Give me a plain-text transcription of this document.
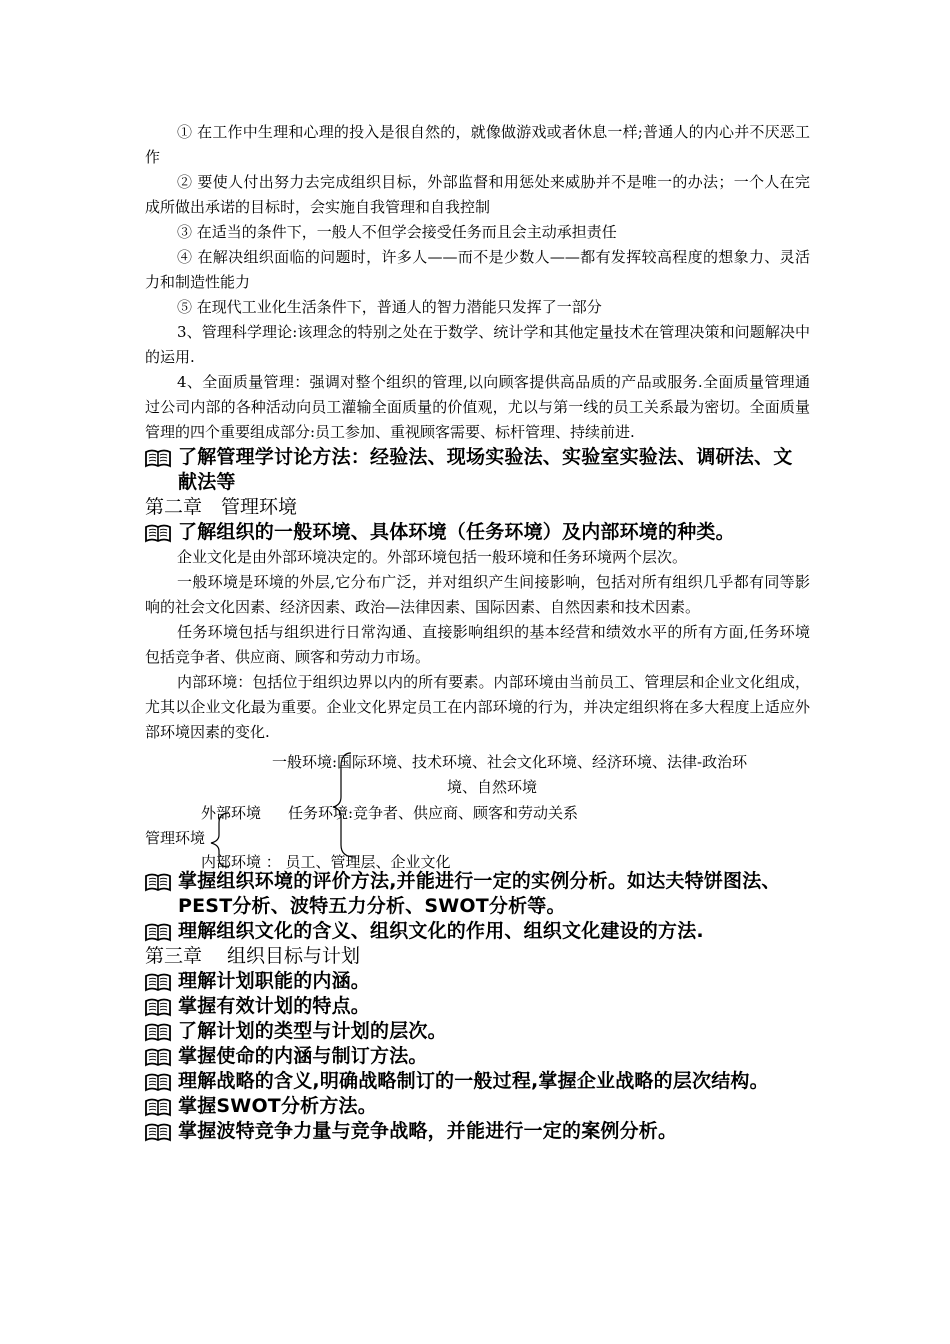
① 在工作中生理和心理的投入是很自然的，就像做游戏或者休息一样;普通人的内心并不厌恶工作

② 要使人付出努力去完成组织目标，外部监督和用惩处来威胁并不是唯一的办法；一个人在完成所做出承诺的目标时，会实施自我管理和自我控制

③ 在适当的条件下，一般人不但学会接受任务而且会主动承担责任

④ 在解决组织面临的问题时，许多人——而不是少数人——都有发挥较高程度的想象力、灵活力和制造性能力

⑤ 在现代工业化生活条件下，普通人的智力潜能只发挥了一部分

3、管理科学理论:该理念的特别之处在于数学、统计学和其他定量技术在管理决策和问题解决中的运用.

4、全面质量管理：强调对整个组织的管理,以向顾客提供高品质的产品或服务.全面质量管理通过公司内部的各种活动向员工灌输全面质量的价值观，尤以与第一线的员工关系最为密切。全面质量管理的四个重要组成部分:员工参加、重视顾客需要、标杆管理、持续前进.

了解管理学讨论方法：经验法、现场实验法、实验室实验法、调研法、文献法等

第二章　管理环境

了解组织的一般环境、具体环境（任务环境）及内部环境的种类。

企业文化是由外部环境决定的。外部环境包括一般环境和任务环境两个层次。

一般环境是环境的外层,它分布广泛，并对组织产生间接影响，包括对所有组织几乎都有同等影响的社会文化因素、经济因素、政治—法律因素、国际因素、自然因素和技术因素。

任务环境包括与组织进行日常沟通、直接影响组织的基本经营和绩效水平的所有方面,任务环境包括竞争者、供应商、顾客和劳动力市场。

内部环境：包括位于组织边界以内的所有要素。内部环境由当前员工、管理层和企业文化组成，尤其以企业文化最为重要。企业文化界定员工在内部环境的行为，并决定组织将在多大程度上适应外部环境因素的变化.

一般环境:国际环境、技术环境、社会文化环境、经济环境、法律-政治环
境、自然环境
外部环境 任务环境:竞争者、供应商、顾客和劳动关系
管理环境
内部环境 ： 员工、管理层、企业文化
掌握组织环境的评价方法,并能进行一定的实例分析。如达夫特饼图法、PEST分析、波特五力分析、SWOT分析等。
理解组织文化的含义、组织文化的作用、组织文化建设的方法.

第三章　 组织目标与计划

理解计划职能的内涵。
掌握有效计划的特点。
了解计划的类型与计划的层次。
掌握使命的内涵与制订方法。
理解战略的含义,明确战略制订的一般过程,掌握企业战略的层次结构。
掌握SWOT分析方法。
掌握波特竞争力量与竞争战略，并能进行一定的案例分析。
